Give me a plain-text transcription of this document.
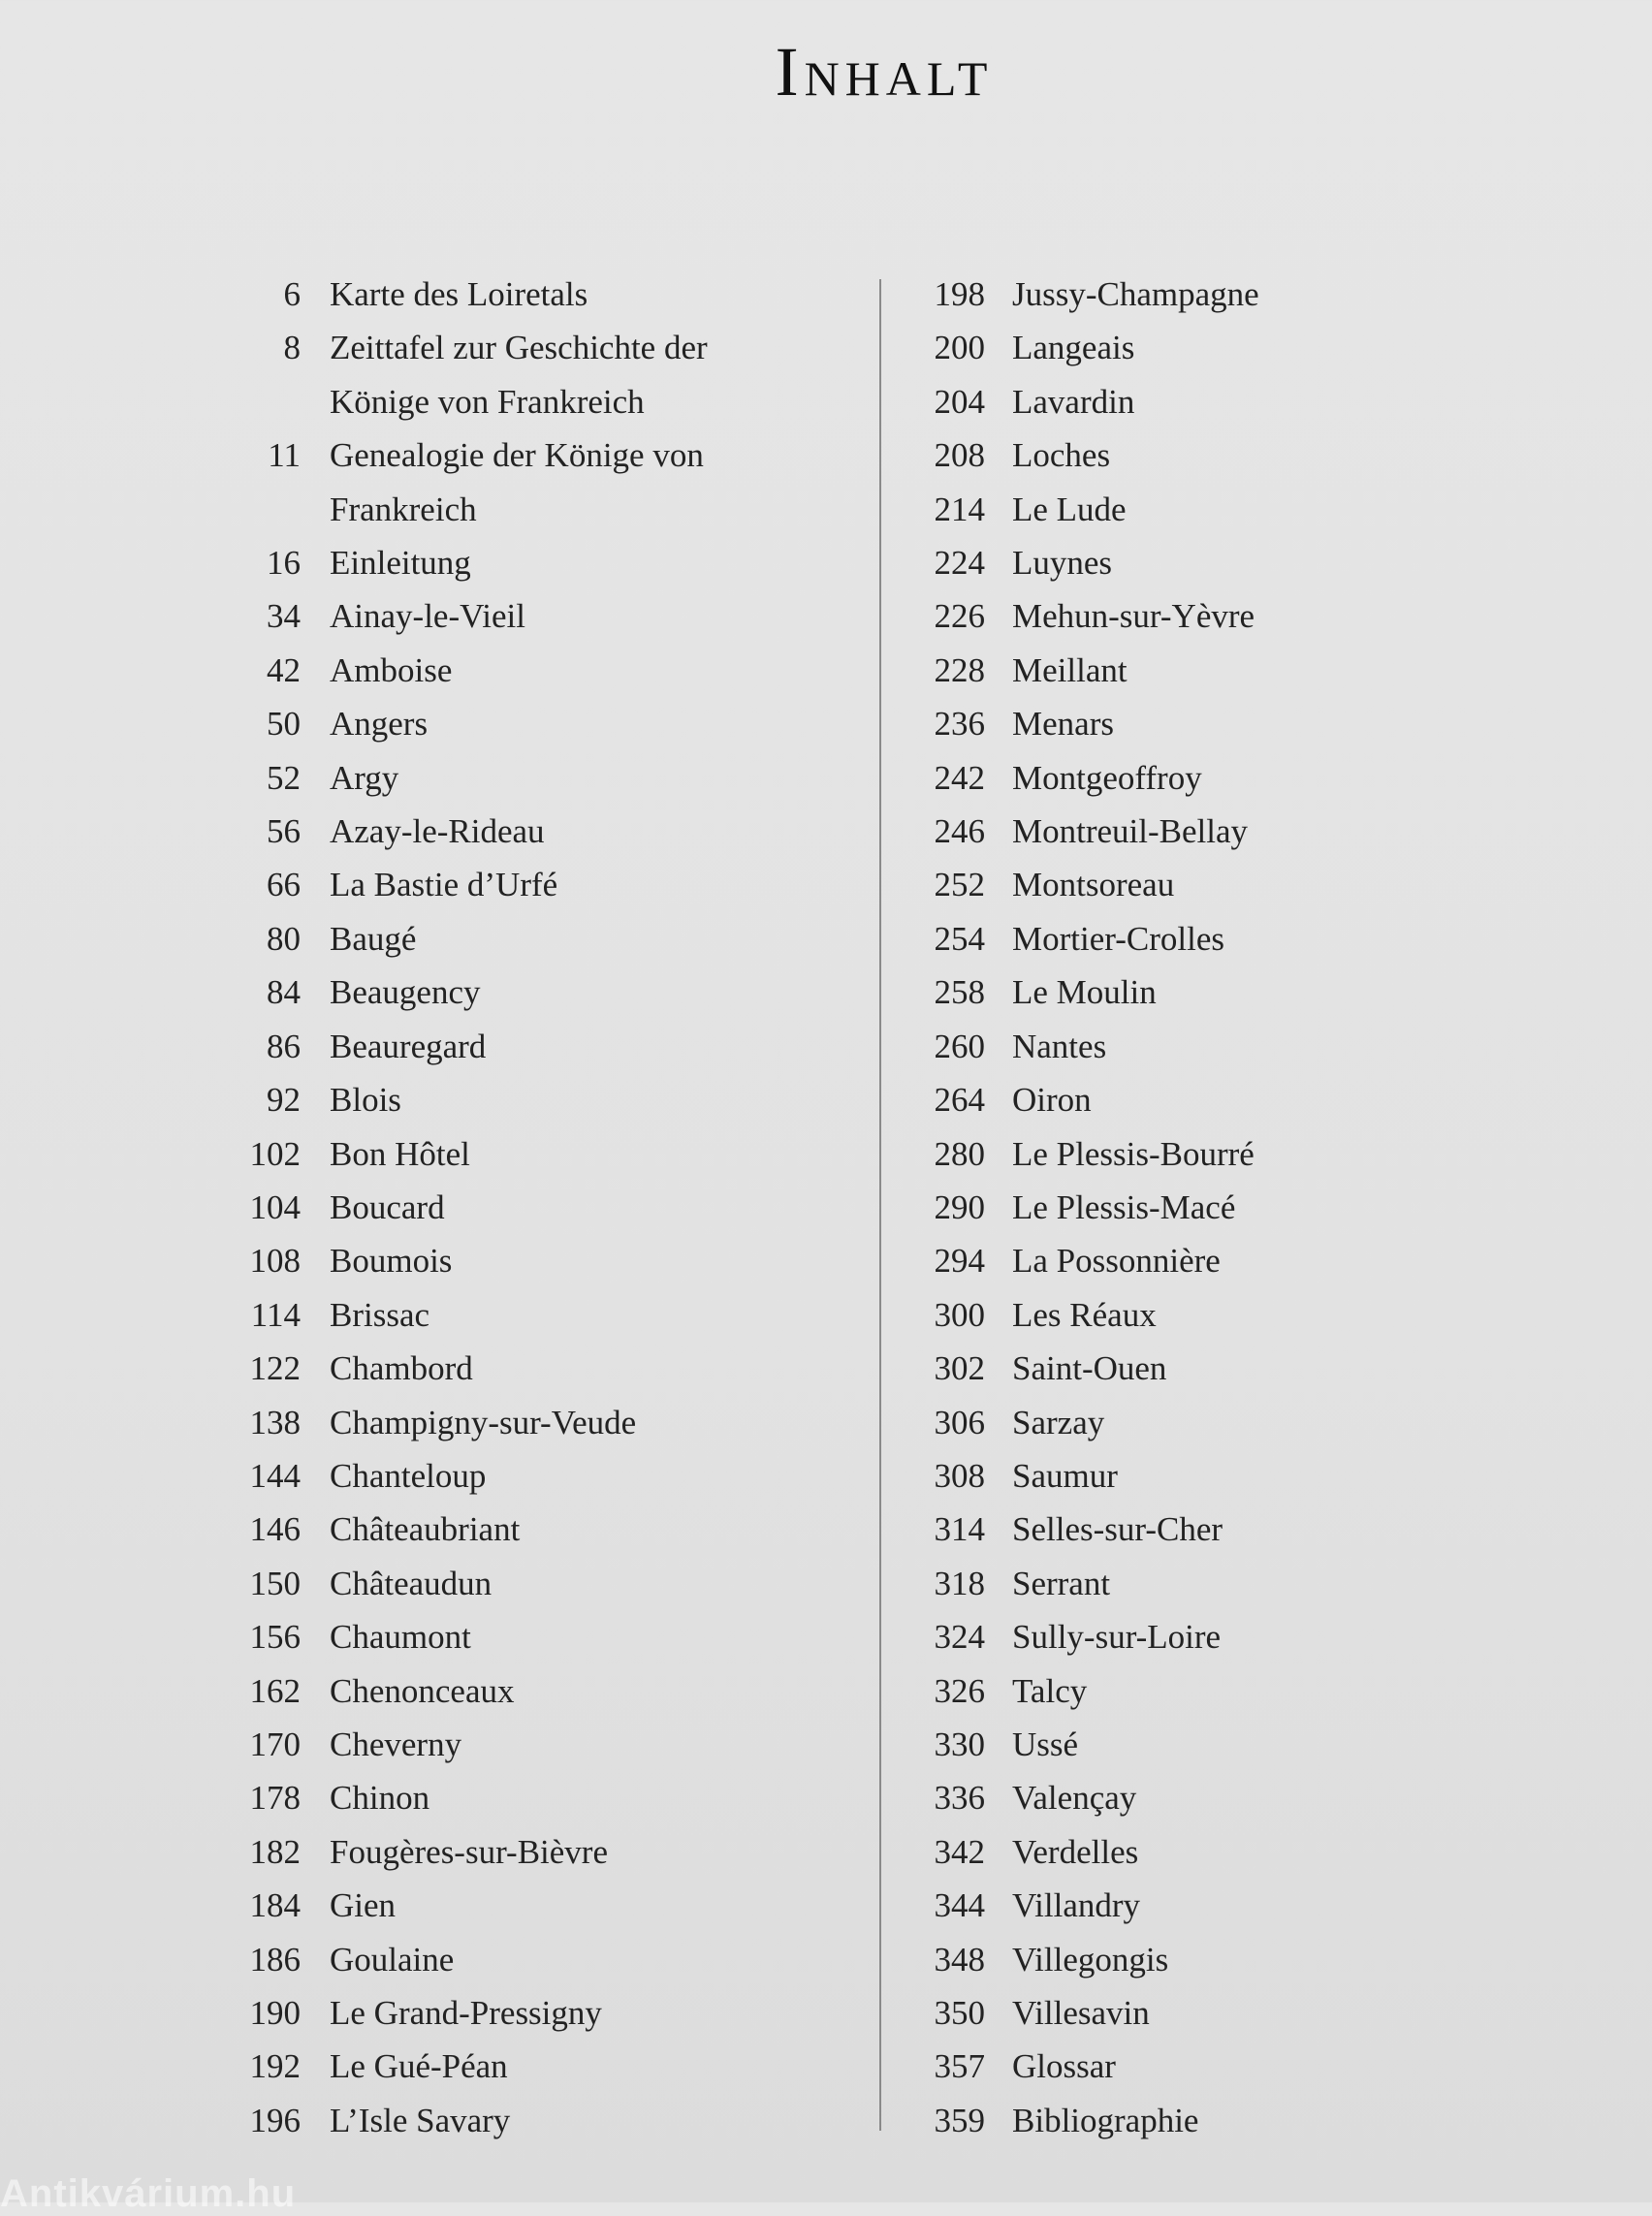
Inhalt
6 Karte des Loiretals
8 Zeittafel zur Geschichte der
Könige von Frankreich
11 Genealogie der Könige von
Frankreich
16 Einleitung
34 Ainay-le-Vieil
42 Amboise
50 Angers
52 Argy
56 Azay-le-Rideau
66 La Bastie d’Urfé
80 Baugé
84 Beaugency
86 Beauregard
92 Blois
102 Bon Hôtel
104 Boucard
108 Boumois
114 Brissac
122 Chambord
138 Champigny-sur-Veude
144 Chanteloup
146 Châteaubriant
150 Châteaudun
156 Chaumont
162 Chenonceaux
170 Cheverny
178 Chinon
182 Fougères-sur-Bièvre
184 Gien
186 Goulaine
190 Le Grand-Pressigny
192 Le Gué-Péan
196 L’Isle Savary
198 Jussy-Champagne
200 Langeais
204 Lavardin
208 Loches
214 Le Lude
224 Luynes
226 Mehun-sur-Yèvre
228 Meillant
236 Menars
242 Montgeoffroy
246 Montreuil-Bellay
252 Montsoreau
254 Mortier-Crolles
258 Le Moulin
260 Nantes
264 Oiron
280 Le Plessis-Bourré
290 Le Plessis-Macé
294 La Possonnière
300 Les Réaux
302 Saint-Ouen
306 Sarzay
308 Saumur
314 Selles-sur-Cher
318 Serrant
324 Sully-sur-Loire
326 Talcy
330 Ussé
336 Valençay
342 Verdelles
344 Villandry
348 Villegongis
350 Villesavin
357 Glossar
359 Bibliographie
Antikvárium.hu
